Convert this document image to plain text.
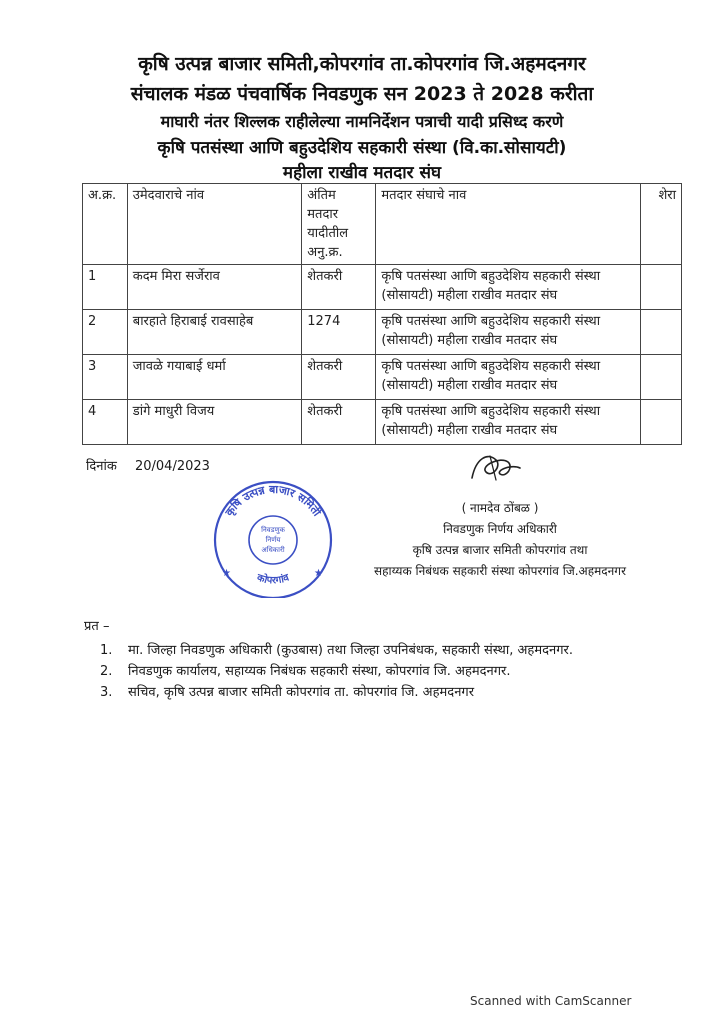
कृषि उत्पन्न बाजार समिती,कोपरगांव ता.कोपरगांव जि.अहमदनगर
संचालक मंडळ पंचवार्षिक निवडणुक सन 2023 ते 2028 करीता
माघारी नंतर शिल्लक राहीलेल्या नामनिर्देशन पत्राची यादी प्रसिध्द करणे
कृषि पतसंस्था आणि बहुउदेशिय सहकारी संस्था (वि.का.सोसायटी)
महीला राखीव मतदार संघ
अ.क्र.	उमेदवाराचे नांव	अंतिम मतदार यादीतील अनु.क्र.	मतदार संघाचे नाव	शेरा
1	कदम मिरा सर्जेराव	शेतकरी	कृषि पतसंस्था आणि बहुउदेशिय सहकारी संस्था (सोसायटी) महीला राखीव मतदार संघ	
2	बारहाते हिराबाई रावसाहेब	1274	कृषि पतसंस्था आणि बहुउदेशिय सहकारी संस्था (सोसायटी) महीला राखीव मतदार संघ	
3	जावळे गयाबाई धर्मा	शेतकरी	कृषि पतसंस्था आणि बहुउदेशिय सहकारी संस्था (सोसायटी) महीला राखीव मतदार संघ	
4	डांगे माधुरी विजय	शेतकरी	कृषि पतसंस्था आणि बहुउदेशिय सहकारी संस्था (सोसायटी) महीला राखीव मतदार संघ	
दिनांक 20/04/2023
कृषि उत्पन्न बाजार समिती
कोपरगांव
निवडणुक
निर्णय
अधिकारी
★	★
( नामदेव ठोंबळ )
निवडणुक निर्णय अधिकारी
कृषि उत्पन्न बाजार समिती कोपरगांव तथा
सहाय्यक निबंधक सहकारी संस्था कोपरगांव जि.अहमदनगर
प्रत –
1. मा. जिल्हा निवडणुक अधिकारी (कुउबास) तथा जिल्हा उपनिबंधक, सहकारी संस्था, अहमदनगर.
2. निवडणुक कार्यालय, सहाय्यक निबंधक सहकारी संस्था, कोपरगांव जि. अहमदनगर.
3. सचिव, कृषि उत्पन्न बाजार समिती कोपरगांव ता. कोपरगांव जि. अहमदनगर
Scanned with CamScanner
